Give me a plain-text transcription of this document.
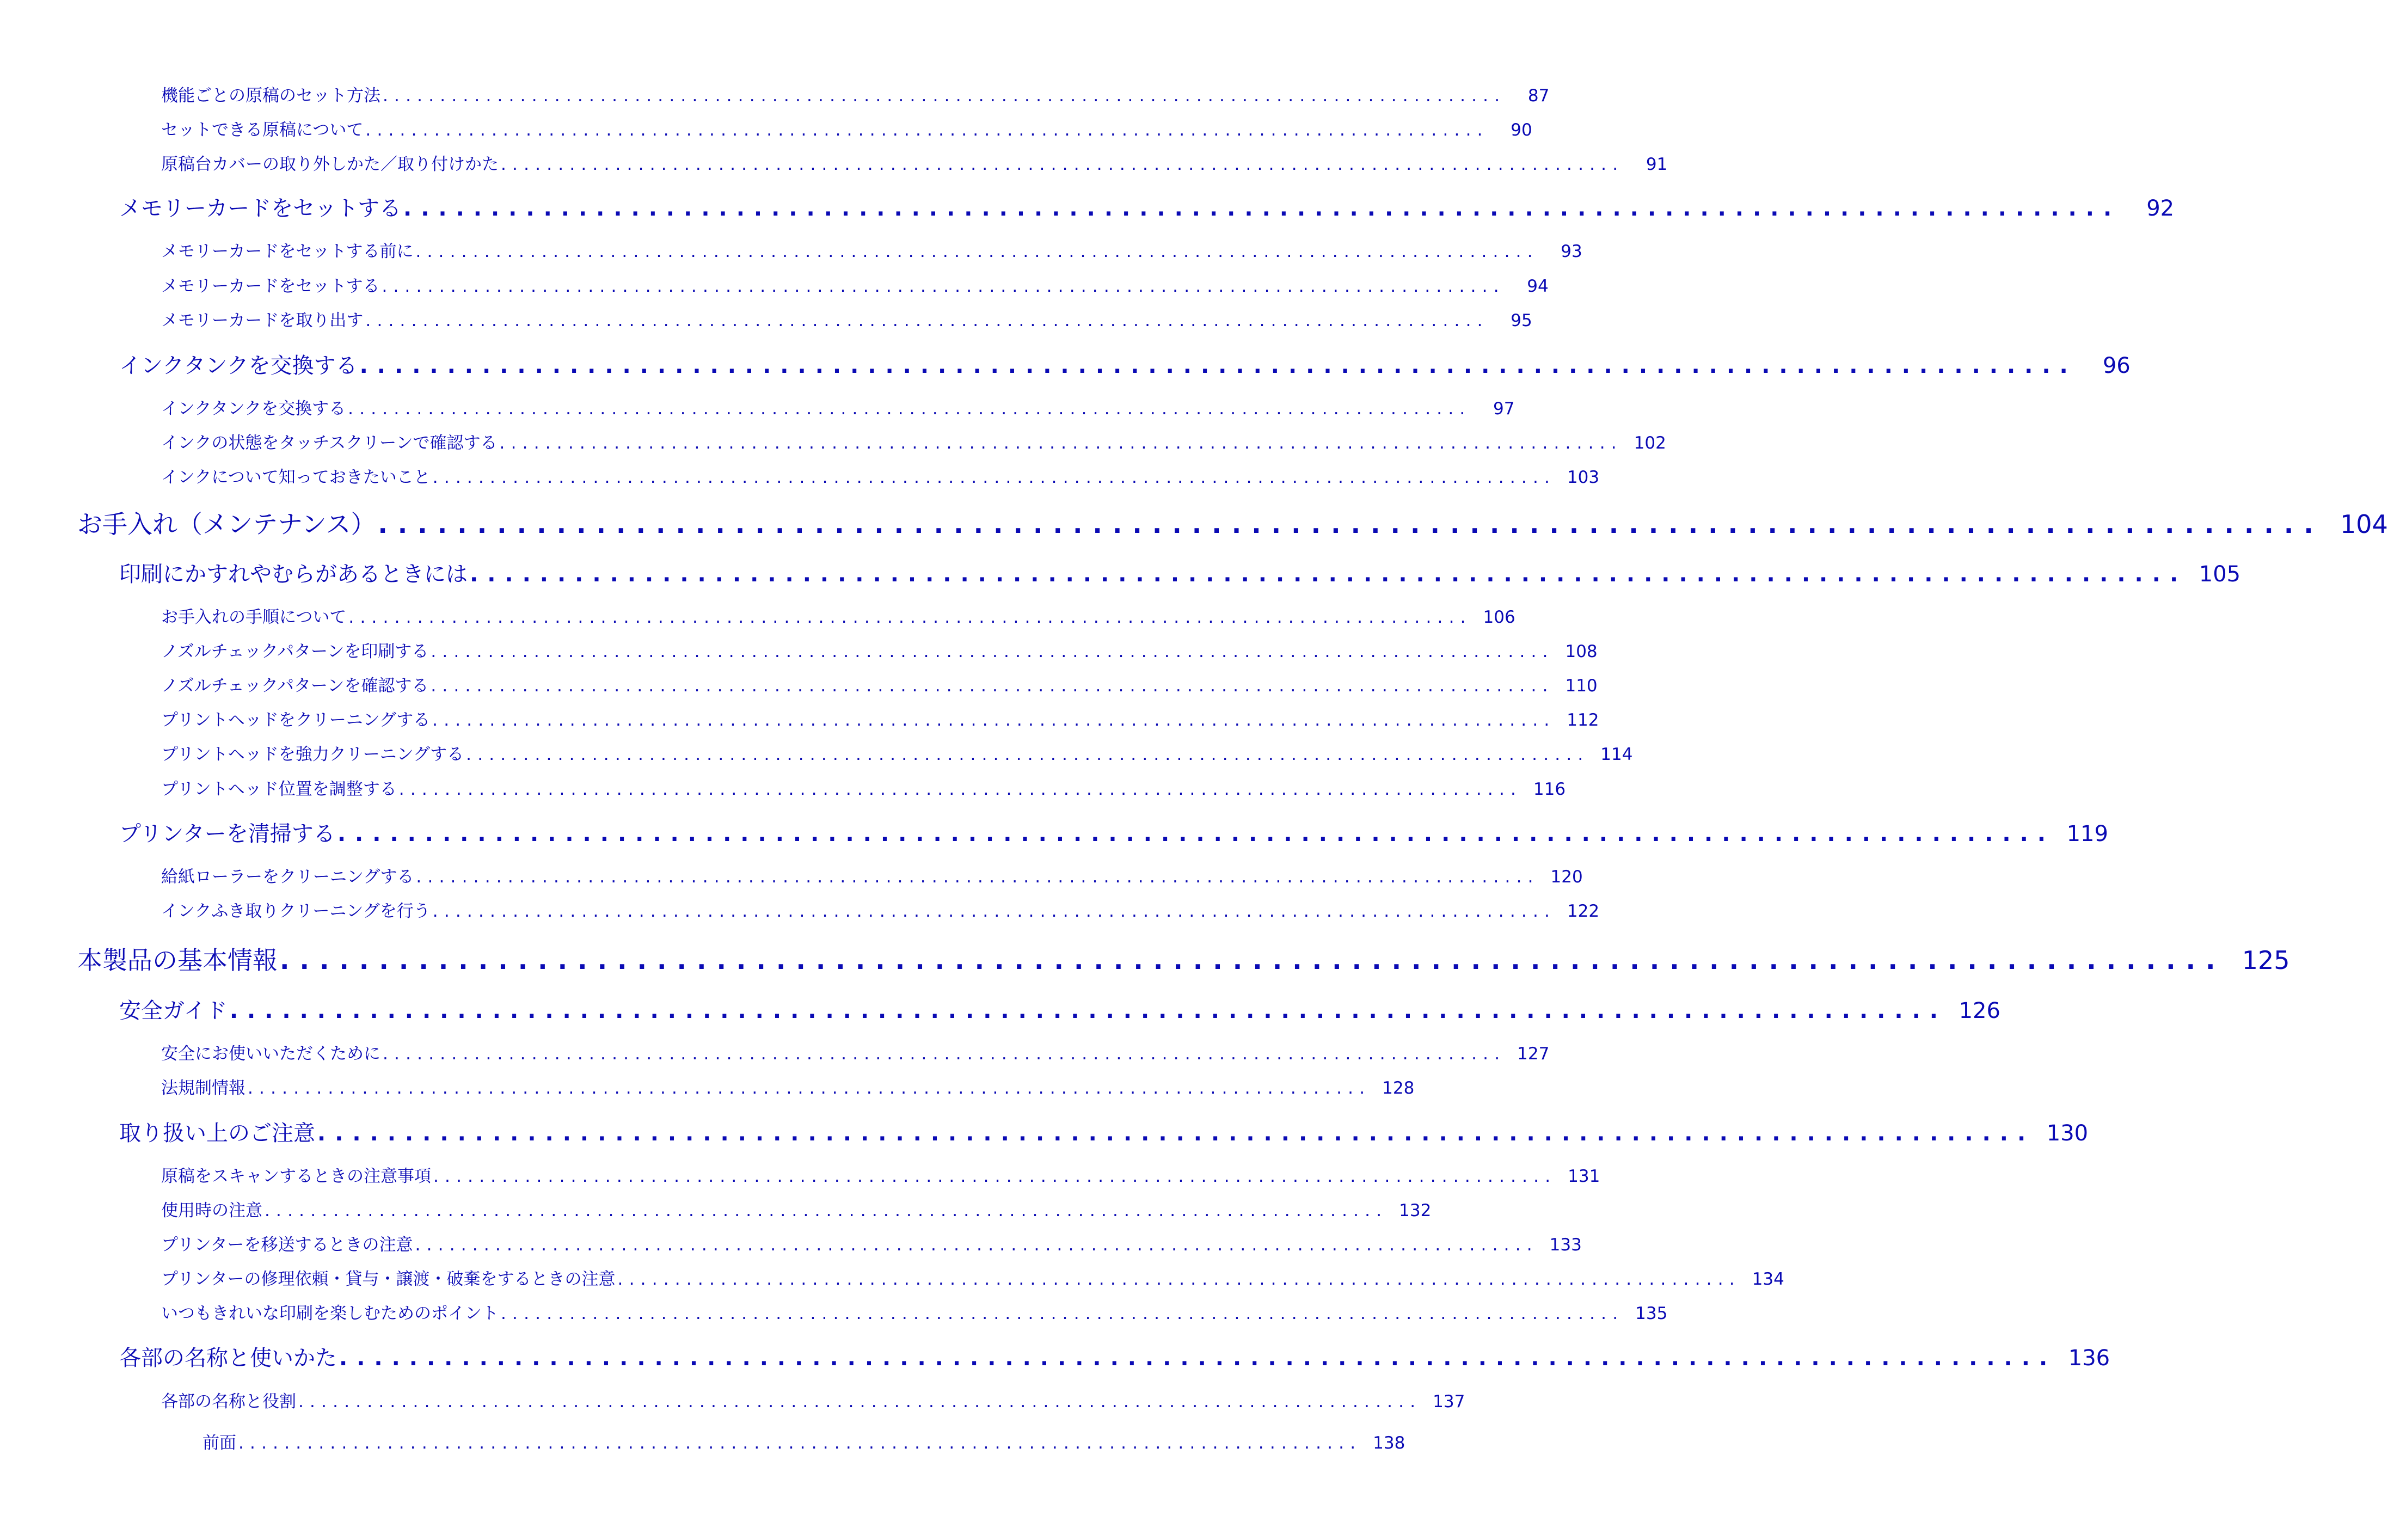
機能ごとの原稿のセット方法 ..................................................................................................	87
セットできる原稿について ..................................................................................................	90
原稿台カバーの取り外しかた／取り付けかた ..................................................................................................	91
メモリーカードをセットする ..................................................................................................	92
メモリーカードをセットする前に ..................................................................................................	93
メモリーカードをセットする ..................................................................................................	94
メモリーカードを取り出す ..................................................................................................	95
インクタンクを交換する ..................................................................................................	96
インクタンクを交換する ..................................................................................................	97
インクの状態をタッチスクリーンで確認する .................................................................................................. 102
インクについて知っておきたいこと .................................................................................................. 103
お手入れ（メンテナンス） .................................................................................................. 104
印刷にかすれやむらがあるときには .................................................................................................. 105
お手入れの手順について .................................................................................................. 106
ノズルチェックパターンを印刷する .................................................................................................. 108
ノズルチェックパターンを確認する .................................................................................................. 110
プリントヘッドをクリーニングする .................................................................................................. 112
プリントヘッドを強力クリーニングする .................................................................................................. 114
プリントヘッド位置を調整する .................................................................................................. 116
プリンターを清掃する .................................................................................................. 119
給紙ローラーをクリーニングする .................................................................................................. 120
インクふき取りクリーニングを行う .................................................................................................. 122
本製品の基本情報 .................................................................................................. 125
安全ガイド .................................................................................................. 126
安全にお使いいただくために .................................................................................................. 127
法規制情報 .................................................................................................. 128
取り扱い上のご注意 .................................................................................................. 130
原稿をスキャンするときの注意事項 .................................................................................................. 131
使用時の注意 .................................................................................................. 132
プリンターを移送するときの注意 .................................................................................................. 133
プリンターの修理依頼・貸与・譲渡・破棄をするときの注意 .................................................................................................. 134
いつもきれいな印刷を楽しむためのポイント .................................................................................................. 135
各部の名称と使いかた .................................................................................................. 136
各部の名称と役割 .................................................................................................. 137
前面 .................................................................................................. 138
